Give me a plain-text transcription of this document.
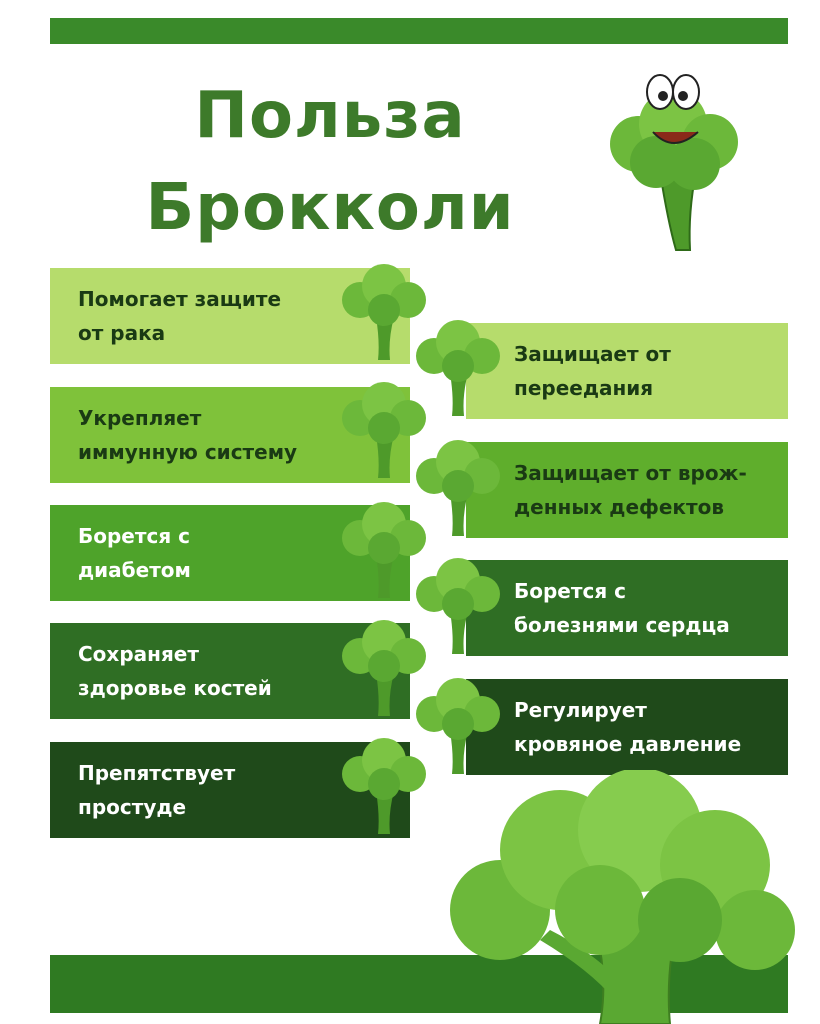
Польза
Брокколи
Помогает защите
от рака
Укрепляет
иммунную систему
Борется с
диабетом
Сохраняет
здоровье костей
Препятствует
простуде
Защищает от
переедания
Защищает от врож-
денных дефектов
Борется с
болезнями сердца
Регулирует
кровяное давление
